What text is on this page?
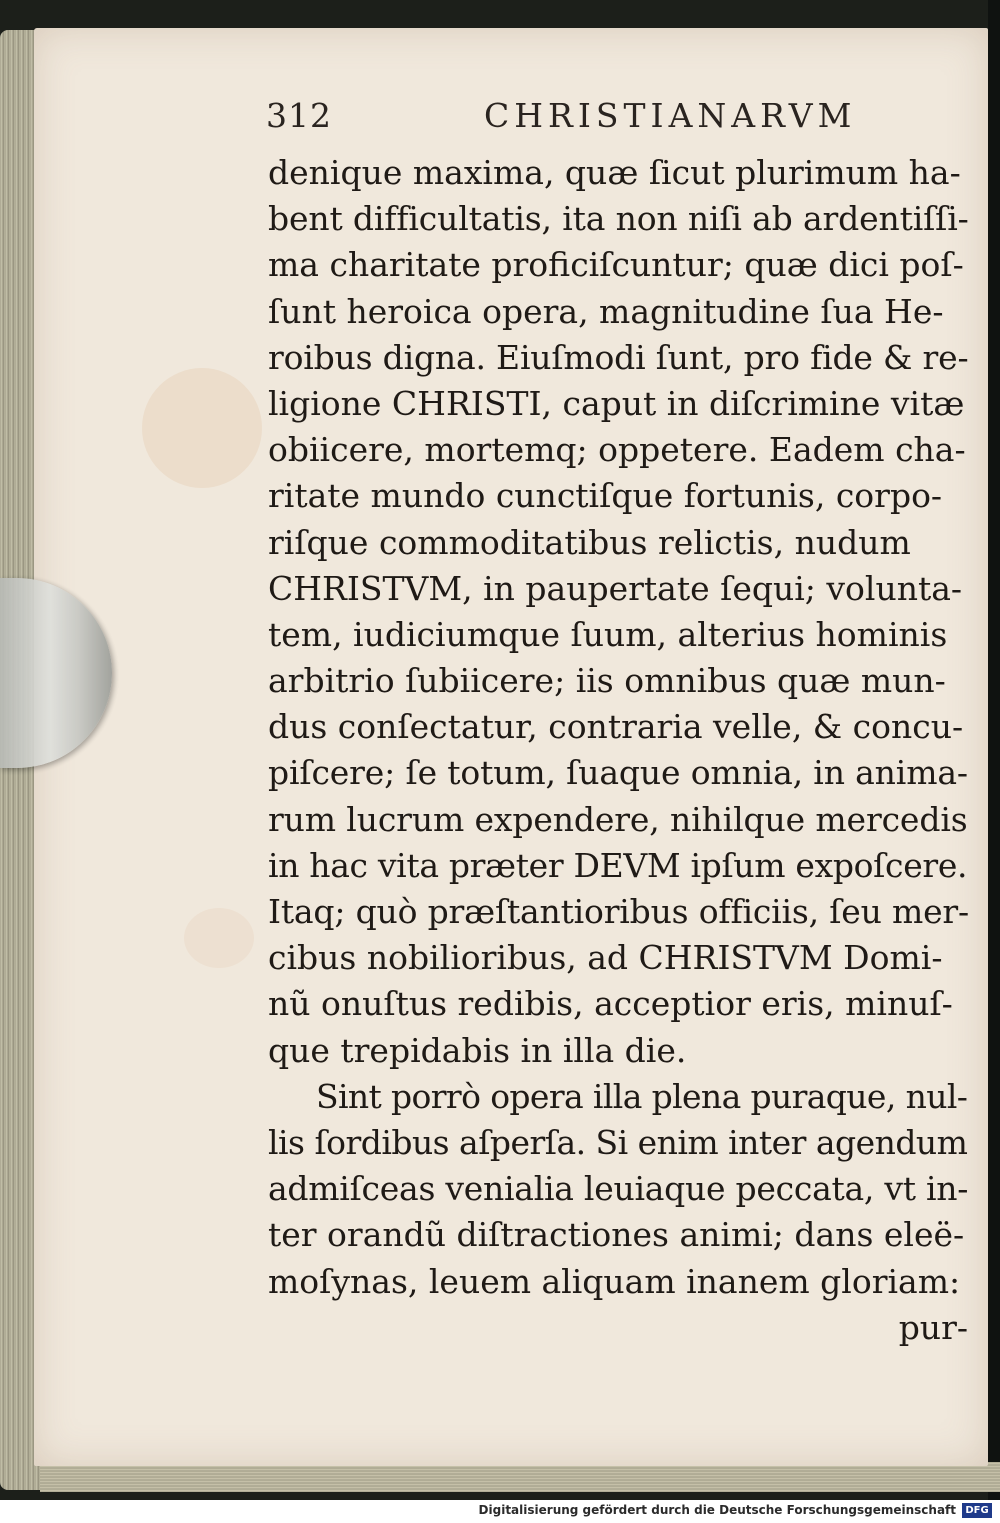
312	CHRISTIANARVM
denique maxima, quæ ſicut plurimum ha-
bent difficultatis, ita non niſi ab ardentiſſi-
ma charitate proficiſcuntur; quæ dici poſ-
ſunt heroica opera, magnitudine ſua He-
roibus digna. Eiuſmodi ſunt, pro fide & re-
ligione CHRISTI, caput in diſcrimine vitæ
obiicere, mortemq; oppetere. Eadem cha-
ritate mundo cunctiſque fortunis, corpo-
riſque commoditatibus relictis, nudum
CHRISTVM, in paupertate ſequi; volunta-
tem, iudiciumque ſuum, alterius hominis
arbitrio ſubiicere; iis omnibus quæ mun-
dus conſectatur, contraria velle, & concu-
piſcere; ſe totum, ſuaque omnia, in anima-
rum lucrum expendere, nihilque mercedis
in hac vita præter DEVM ipſum expoſcere.
Itaq; quò præſtantioribus officiis, ſeu mer-
cibus nobilioribus, ad CHRISTVM Domi-
nũ onuſtus redibis, acceptior eris, minuſ-
que trepidabis in illa die.
Sint porrò opera illa plena puraque, nul-
lis ſordibus aſperſa. Si enim inter agendum
admiſceas venialia leuiaque peccata, vt in-
ter orandũ diſtractiones animi; dans eleë-
moſynas, leuem aliquam inanem gloriam:
pur-
Digitalisierung gefördert durch die Deutsche Forschungsgemeinschaft DFG
